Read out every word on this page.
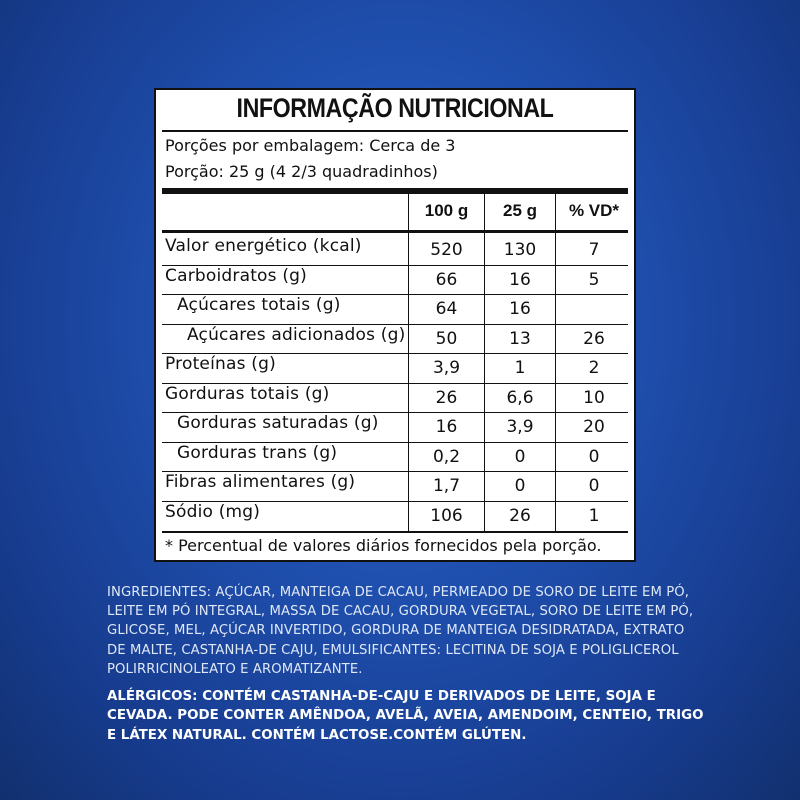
INFORMAÇÃO NUTRICIONAL
Porções por embalagem: Cerca de 3
Porção: 25 g (4 2/3 quadradinhos)
100 g	25 g	% VD*
Valor energético (kcal)	520	130	7
Carboidratos (g)	66	16	5
Açúcares totais (g)	64	16
Açúcares adicionados (g)	50	13	26
Proteínas (g)	3,9	1	2
Gorduras totais (g)	26	6,6	10
Gorduras saturadas (g)	16	3,9	20
Gorduras trans (g)	0,2	0	0
Fibras alimentares (g)	1,7	0	0
Sódio (mg)	106	26	1
* Percentual de valores diários fornecidos pela porção.
INGREDIENTES: AÇÚCAR, MANTEIGA DE CACAU, PERMEADO DE SORO DE LEITE EM PÓ, LEITE EM PÓ INTEGRAL, MASSA DE CACAU, GORDURA VEGETAL, SORO DE LEITE EM PÓ, GLICOSE, MEL, AÇÚCAR INVERTIDO, GORDURA DE MANTEIGA DESIDRATADA, EXTRATO DE MALTE, CASTANHA-DE CAJU, EMULSIFICANTES: LECITINA DE SOJA E POLIGLICEROL POLIRRICINOLEATO E AROMATIZANTE.
ALÉRGICOS: CONTÉM CASTANHA-DE-CAJU E DERIVADOS DE LEITE, SOJA E CEVADA. PODE CONTER AMÊNDOA, AVELÃ, AVEIA, AMENDOIM, CENTEIO, TRIGO E LÁTEX NATURAL. CONTÉM LACTOSE.CONTÉM GLÚTEN.
